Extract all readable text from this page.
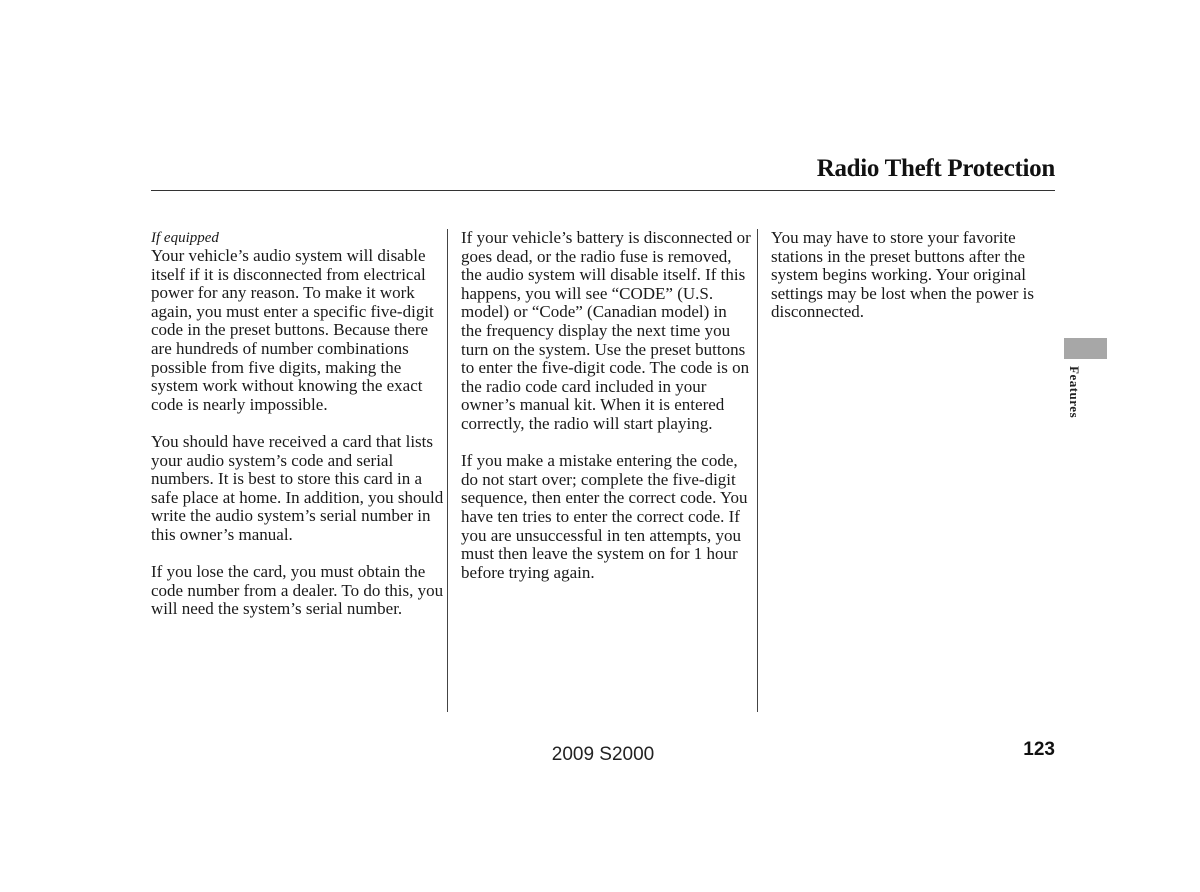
Radio Theft Protection
If equipped

Your vehicle’s audio system will disable itself if it is disconnected from electrical power for any reason. To make it work again, you must enter a specific five-digit code in the preset buttons. Because there are hundreds of number combinations possible from five digits, making the system work without knowing the exact code is nearly impossible.

You should have received a card that lists your audio system’s code and serial numbers. It is best to store this card in a safe place at home. In addition, you should write the audio system’s serial number in this owner’s manual.

If you lose the card, you must obtain the code number from a dealer. To do this, you will need the system’s serial number.

If your vehicle’s battery is disconnected or goes dead, or the radio fuse is removed, the audio system will disable itself. If this happens, you will see “CODE” (U.S. model) or “Code” (Canadian model) in the frequency display the next time you turn on the system. Use the preset buttons to enter the five-digit code. The code is on the radio code card included in your owner’s manual kit. When it is entered correctly, the radio will start playing.

If you make a mistake entering the code, do not start over; complete the five-digit sequence, then enter the correct code. You have ten tries to enter the correct code. If you are unsuccessful in ten attempts, you must then leave the system on for 1 hour before trying again.

You may have to store your favorite stations in the preset buttons after the system begins working. Your original settings may be lost when the power is disconnected.

Features
2009 S2000	123
